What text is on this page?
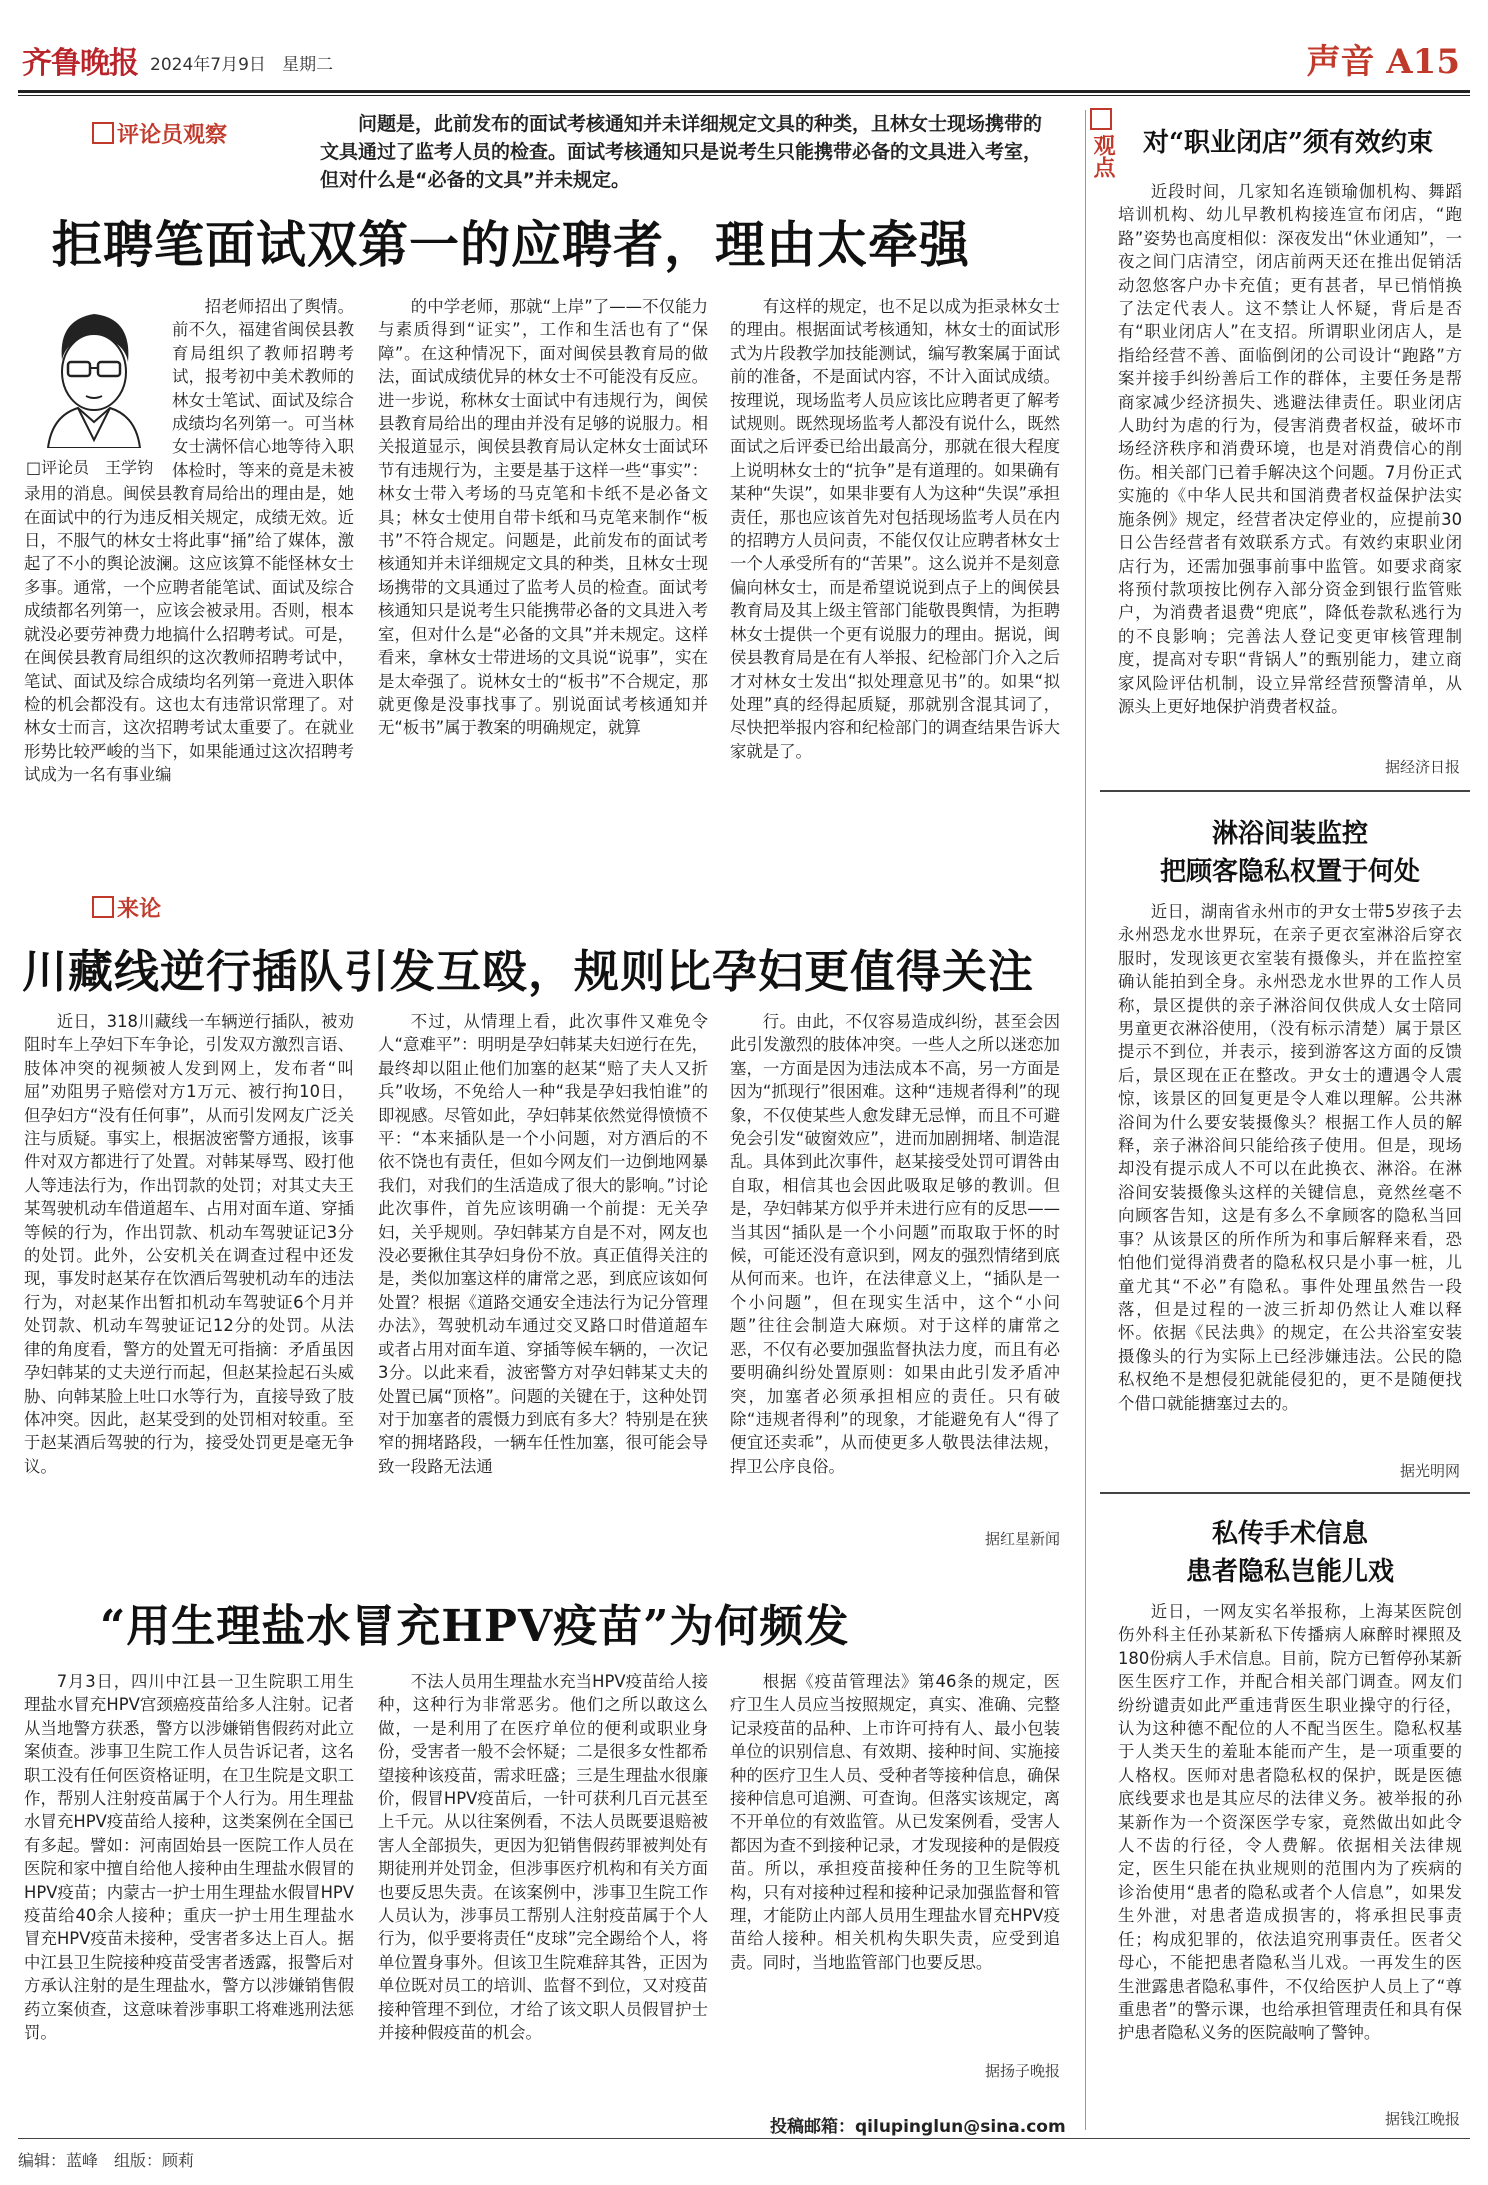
齐鲁晚报 2024年7月9日 星期二	声音 A15
评论员观察	问题是，此前发布的面试考核通知并未详细规定文具的种类，且林女士现场携带的文具通过了监考人员的检查。面试考核通知只是说考生只能携带必备的文具进入考室，但对什么是“必备的文具”并未规定。
拒聘笔面试双第一的应聘者，理由太牵强
□评论员　王学钧

招老师招出了舆情。前不久，福建省闽侯县教育局组织了教师招聘考试，报考初中美术教师的林女士笔试、面试及综合成绩均名列第一。可当林女士满怀信心地等待入职体检时，等来的竟是未被录用的消息。闽侯县教育局给出的理由是，她在面试中的行为违反相关规定，成绩无效。近日，不服气的林女士将此事“捅”给了媒体，激起了不小的舆论波澜。这应该算不能怪林女士多事。通常，一个应聘者能笔试、面试及综合成绩都名列第一，应该会被录用。否则，根本就没必要劳神费力地搞什么招聘考试。可是，在闽侯县教育局组织的这次教师招聘考试中，笔试、面试及综合成绩均名列第一竟进入职体检的机会都没有。这也太有违常识常理了。对林女士而言，这次招聘考试太重要了。在就业形势比较严峻的当下，如果能通过这次招聘考试成为一名有事业编

的中学老师，那就“上岸”了——不仅能力与素质得到“证实”，工作和生活也有了“保障”。在这种情况下，面对闽侯县教育局的做法，面试成绩优异的林女士不可能没有反应。进一步说，称林女士面试中有违规行为，闽侯县教育局给出的理由并没有足够的说服力。相关报道显示，闽侯县教育局认定林女士面试环节有违规行为，主要是基于这样一些“事实”：林女士带入考场的马克笔和卡纸不是必备文具；林女士使用自带卡纸和马克笔来制作“板书”不符合规定。问题是，此前发布的面试考核通知并未详细规定文具的种类，且林女士现场携带的文具通过了监考人员的检查。面试考核通知只是说考生只能携带必备的文具进入考室，但对什么是“必备的文具”并未规定。这样看来，拿林女士带进场的文具说“说事”，实在是太牵强了。说林女士的“板书”不合规定，那就更像是没事找事了。别说面试考核通知并无“板书”属于教案的明确规定，就算

有这样的规定，也不足以成为拒录林女士的理由。根据面试考核通知，林女士的面试形式为片段教学加技能测试，编写教案属于面试前的准备，不是面试内容，不计入面试成绩。按理说，现场监考人员应该比应聘者更了解考试规则。既然现场监考人都没有说什么，既然面试之后评委已给出最高分，那就在很大程度上说明林女士的“抗争”是有道理的。如果确有某种“失误”，如果非要有人为这种“失误”承担责任，那也应该首先对包括现场监考人员在内的招聘方人员问责，不能仅仅让应聘者林女士一个人承受所有的“苦果”。这么说并不是刻意偏向林女士，而是希望说说到点子上的闽侯县教育局及其上级主管部门能敬畏舆情，为拒聘林女士提供一个更有说服力的理由。据说，闽侯县教育局是在有人举报、纪检部门介入之后才对林女士发出“拟处理意见书”的。如果“拟处理”真的经得起质疑，那就别含混其词了，尽快把举报内容和纪检部门的调查结果告诉大家就是了。

来论
川藏线逆行插队引发互殴，规则比孕妇更值得关注

近日，318川藏线一车辆逆行插队，被劝阻时车上孕妇下车争论，引发双方激烈言语、肢体冲突的视频被人发到网上，发布者“叫屈”劝阻男子赔偿对方1万元、被行拘10日，但孕妇方“没有任何事”，从而引发网友广泛关注与质疑。事实上，根据波密警方通报，该事件对双方都进行了处置。对韩某辱骂、殴打他人等违法行为，作出罚款的处罚；对其丈夫王某驾驶机动车借道超车、占用对面车道、穿插等候的行为，作出罚款、机动车驾驶证记3分的处罚。此外，公安机关在调查过程中还发现，事发时赵某存在饮酒后驾驶机动车的违法行为，对赵某作出暂扣机动车驾驶证6个月并处罚款、机动车驾驶证记12分的处罚。从法律的角度看，警方的处置无可指摘：矛盾虽因孕妇韩某的丈夫逆行而起，但赵某捡起石头威胁、向韩某脸上吐口水等行为，直接导致了肢体冲突。因此，赵某受到的处罚相对较重。至于赵某酒后驾驶的行为，接受处罚更是毫无争议。

不过，从情理上看，此次事件又难免令人“意难平”：明明是孕妇韩某夫妇逆行在先，最终却以阻止他们加塞的赵某“赔了夫人又折兵”收场，不免给人一种“我是孕妇我怕谁”的即视感。尽管如此，孕妇韩某依然觉得愤愤不平：“本来插队是一个小问题，对方酒后的不依不饶也有责任，但如今网友们一边倒地网暴我们，对我们的生活造成了很大的影响。”讨论此次事件，首先应该明确一个前提：无关孕妇，关乎规则。孕妇韩某方自是不对，网友也没必要揪住其孕妇身份不放。真正值得关注的是，类似加塞这样的庸常之恶，到底应该如何处置？根据《道路交通安全违法行为记分管理办法》，驾驶机动车通过交叉路口时借道超车或者占用对面车道、穿插等候车辆的，一次记3分。以此来看，波密警方对孕妇韩某丈夫的处置已属“顶格”。问题的关键在于，这种处罚对于加塞者的震慑力到底有多大？特别是在狭窄的拥堵路段，一辆车任性加塞，很可能会导致一段路无法通

行。由此，不仅容易造成纠纷，甚至会因此引发激烈的肢体冲突。一些人之所以迷恋加塞，一方面是因为违法成本不高，另一方面是因为“抓现行”很困难。这种“违规者得利”的现象，不仅使某些人愈发肆无忌惮，而且不可避免会引发“破窗效应”，进而加剧拥堵、制造混乱。具体到此次事件，赵某接受处罚可谓咎由自取，相信其也会因此吸取足够的教训。但是，孕妇韩某方似乎并未进行应有的反思——当其因“插队是一个小问题”而取取于怀的时候，可能还没有意识到，网友的强烈情绪到底从何而来。也许，在法律意义上，“插队是一个小问题”，但在现实生活中，这个“小问题”往往会制造大麻烦。对于这样的庸常之恶，不仅有必要加强监督执法力度，而且有必要明确纠纷处置原则：如果由此引发矛盾冲突，加塞者必须承担相应的责任。只有破除“违规者得利”的现象，才能避免有人“得了便宜还卖乖”，从而使更多人敬畏法律法规，捍卫公序良俗。

据红星新闻
“用生理盐水冒充HPV疫苗”为何频发

7月3日，四川中江县一卫生院职工用生理盐水冒充HPV宫颈癌疫苗给多人注射。记者从当地警方获悉，警方以涉嫌销售假药对此立案侦查。涉事卫生院工作人员告诉记者，这名职工没有任何医资格证明，在卫生院是文职工作，帮别人注射疫苗属于个人行为。用生理盐水冒充HPV疫苗给人接种，这类案例在全国已有多起。譬如：河南固始县一医院工作人员在医院和家中擅自给他人接种由生理盐水假冒的HPV疫苗；内蒙古一护士用生理盐水假冒HPV疫苗给40余人接种；重庆一护士用生理盐水冒充HPV疫苗未接种，受害者多达上百人。据中江县卫生院接种疫苗受害者透露，报警后对方承认注射的是生理盐水，警方以涉嫌销售假药立案侦查，这意味着涉事职工将难逃刑法惩罚。

不法人员用生理盐水充当HPV疫苗给人接种，这种行为非常恶劣。他们之所以敢这么做，一是利用了在医疗单位的便利或职业身份，受害者一般不会怀疑；二是很多女性都希望接种该疫苗，需求旺盛；三是生理盐水很廉价，假冒HPV疫苗后，一针可获利几百元甚至上千元。从以往案例看，不法人员既要退赔被害人全部损失，更因为犯销售假药罪被判处有期徒刑并处罚金，但涉事医疗机构和有关方面也要反思失责。在该案例中，涉事卫生院工作人员认为，涉事员工帮别人注射疫苗属于个人行为，似乎要将责任“皮球”完全踢给个人，将单位置身事外。但该卫生院难辞其咎，正因为单位既对员工的培训、监督不到位，又对疫苗接种管理不到位，才给了该文职人员假冒护士并接种假疫苗的机会。

根据《疫苗管理法》第46条的规定，医疗卫生人员应当按照规定，真实、准确、完整记录疫苗的品种、上市许可持有人、最小包装单位的识别信息、有效期、接种时间、实施接种的医疗卫生人员、受种者等接种信息，确保接种信息可追溯、可查询。但落实该规定，离不开单位的有效监管。从已发案例看，受害人都因为查不到接种记录，才发现接种的是假疫苗。所以，承担疫苗接种任务的卫生院等机构，只有对接种过程和接种记录加强监督和管理，才能防止内部人员用生理盐水冒充HPV疫苗给人接种。相关机构失职失责，应受到追责。同时，当地监管部门也要反思。

据扬子晚报
投稿邮箱：qilupinglun@sina.com
观点	对“职业闭店”须有效约束

近段时间，几家知名连锁瑜伽机构、舞蹈培训机构、幼儿早教机构接连宣布闭店，“跑路”姿势也高度相似：深夜发出“休业通知”，一夜之间门店清空，闭店前两天还在推出促销活动忽悠客户办卡充值；更有甚者，早已悄悄换了法定代表人。这不禁让人怀疑，背后是否有“职业闭店人”在支招。所谓职业闭店人，是指给经营不善、面临倒闭的公司设计“跑路”方案并接手纠纷善后工作的群体，主要任务是帮商家减少经济损失、逃避法律责任。职业闭店人助纣为虐的行为，侵害消费者权益，破坏市场经济秩序和消费环境，也是对消费信心的削伤。相关部门已着手解决这个问题。7月份正式实施的《中华人民共和国消费者权益保护法实施条例》规定，经营者决定停业的，应提前30日公告经营者有效联系方式。有效约束职业闭店行为，还需加强事前事中监管。如要求商家将预付款项按比例存入部分资金到银行监管账户，为消费者退费“兜底”，降低卷款私逃行为的不良影响；完善法人登记变更审核管理制度，提高对专职“背锅人”的甄别能力，建立商家风险评估机制，设立异常经营预警清单，从源头上更好地保护消费者权益。

据经济日报
淋浴间装监控
把顾客隐私权置于何处

近日，湖南省永州市的尹女士带5岁孩子去永州恐龙水世界玩，在亲子更衣室淋浴后穿衣服时，发现该更衣室装有摄像头，并在监控室确认能拍到全身。永州恐龙水世界的工作人员称，景区提供的亲子淋浴间仅供成人女士陪同男童更衣淋浴使用，（没有标示清楚）属于景区提示不到位，并表示，接到游客这方面的反馈后，景区现在正在整改。尹女士的遭遇令人震惊，该景区的回复更是令人难以理解。公共淋浴间为什么要安装摄像头？根据工作人员的解释，亲子淋浴间只能给孩子使用。但是，现场却没有提示成人不可以在此换衣、淋浴。在淋浴间安装摄像头这样的关键信息，竟然丝毫不向顾客告知，这是有多么不拿顾客的隐私当回事？从该景区的所作所为和事后解释来看，恐怕他们觉得消费者的隐私权只是小事一桩，儿童尤其“不必”有隐私。事件处理虽然告一段落，但是过程的一波三折却仍然让人难以释怀。依据《民法典》的规定，在公共浴室安装摄像头的行为实际上已经涉嫌违法。公民的隐私权绝不是想侵犯就能侵犯的，更不是随便找个借口就能搪塞过去的。

据光明网
私传手术信息
患者隐私岂能儿戏

近日，一网友实名举报称，上海某医院创伤外科主任孙某新私下传播病人麻醉时裸照及180份病人手术信息。目前，院方已暂停孙某新医生医疗工作，并配合相关部门调查。网友们纷纷谴责如此严重违背医生职业操守的行径，认为这种德不配位的人不配当医生。隐私权基于人类天生的羞耻本能而产生，是一项重要的人格权。医师对患者隐私权的保护，既是医德底线要求也是其应尽的法律义务。被举报的孙某新作为一个资深医学专家，竟然做出如此令人不齿的行径，令人费解。依据相关法律规定，医生只能在执业规则的范围内为了疾病的诊治使用“患者的隐私或者个人信息”，如果发生外泄，对患者造成损害的，将承担民事责任；构成犯罪的，依法追究刑事责任。医者父母心，不能把患者隐私当儿戏。一再发生的医生泄露患者隐私事件，不仅给医护人员上了“尊重患者”的警示课，也给承担管理责任和具有保护患者隐私义务的医院敲响了警钟。

据钱江晚报
编辑：蓝峰　组版：顾莉
